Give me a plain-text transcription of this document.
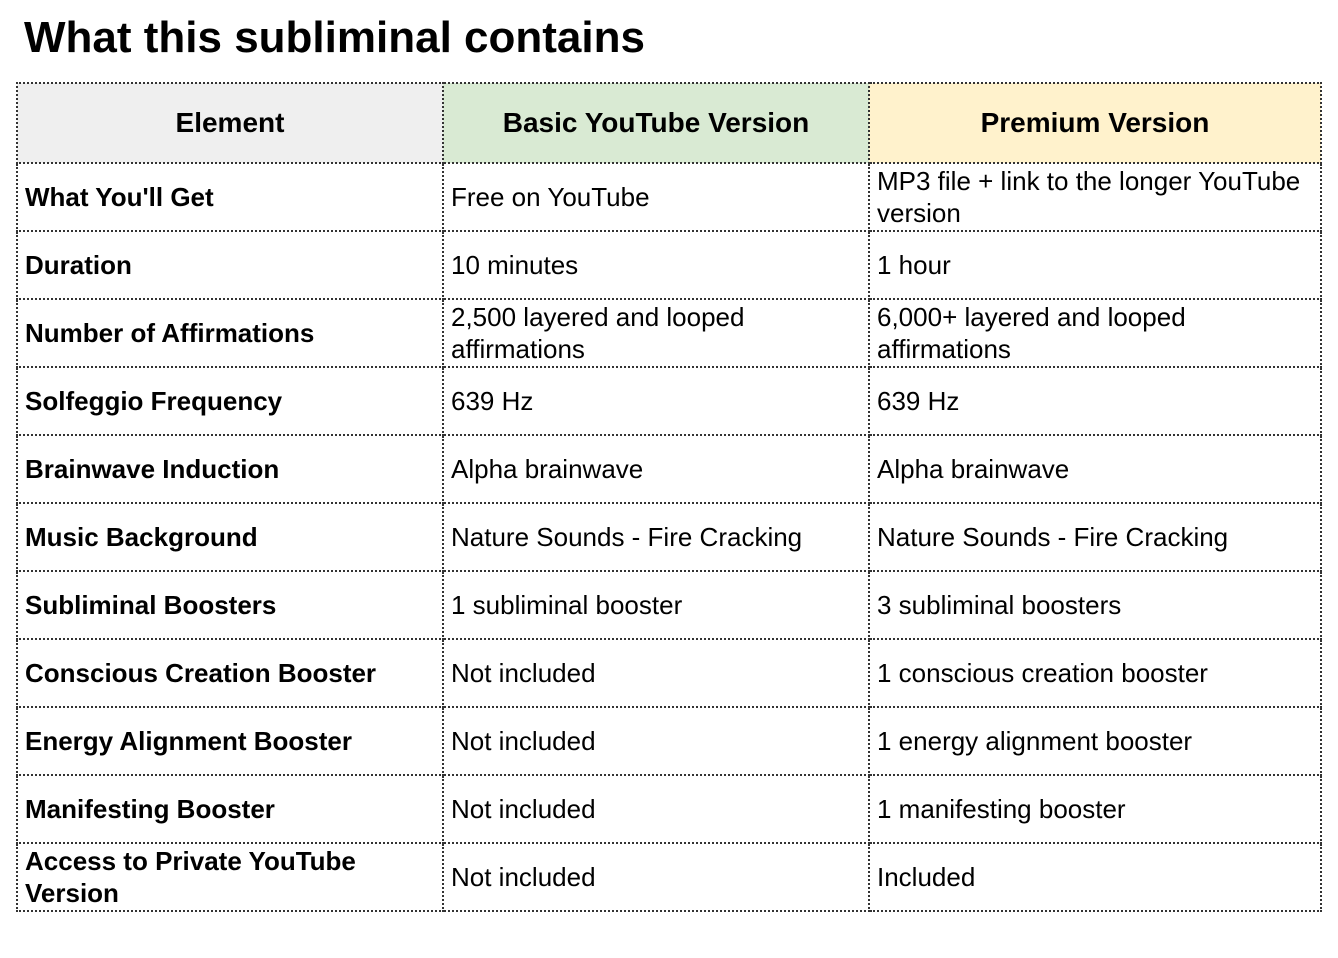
What this subliminal contains
Element	Basic YouTube Version	Premium Version
What You'll Get	Free on YouTube	MP3 file + link to the longer YouTube version
Duration	10 minutes	1 hour
Number of Affirmations	2,500 layered and looped affirmations	6,000+ layered and looped affirmations
Solfeggio Frequency	639 Hz	639 Hz
Brainwave Induction	Alpha brainwave	Alpha brainwave
Music Background	Nature Sounds - Fire Cracking	Nature Sounds - Fire Cracking
Subliminal Boosters	1 subliminal booster	3 subliminal boosters
Conscious Creation Booster	Not included	1 conscious creation booster
Energy Alignment Booster	Not included	1 energy alignment booster
Manifesting Booster	Not included	1 manifesting booster
Access to Private YouTube Version	Not included	Included
